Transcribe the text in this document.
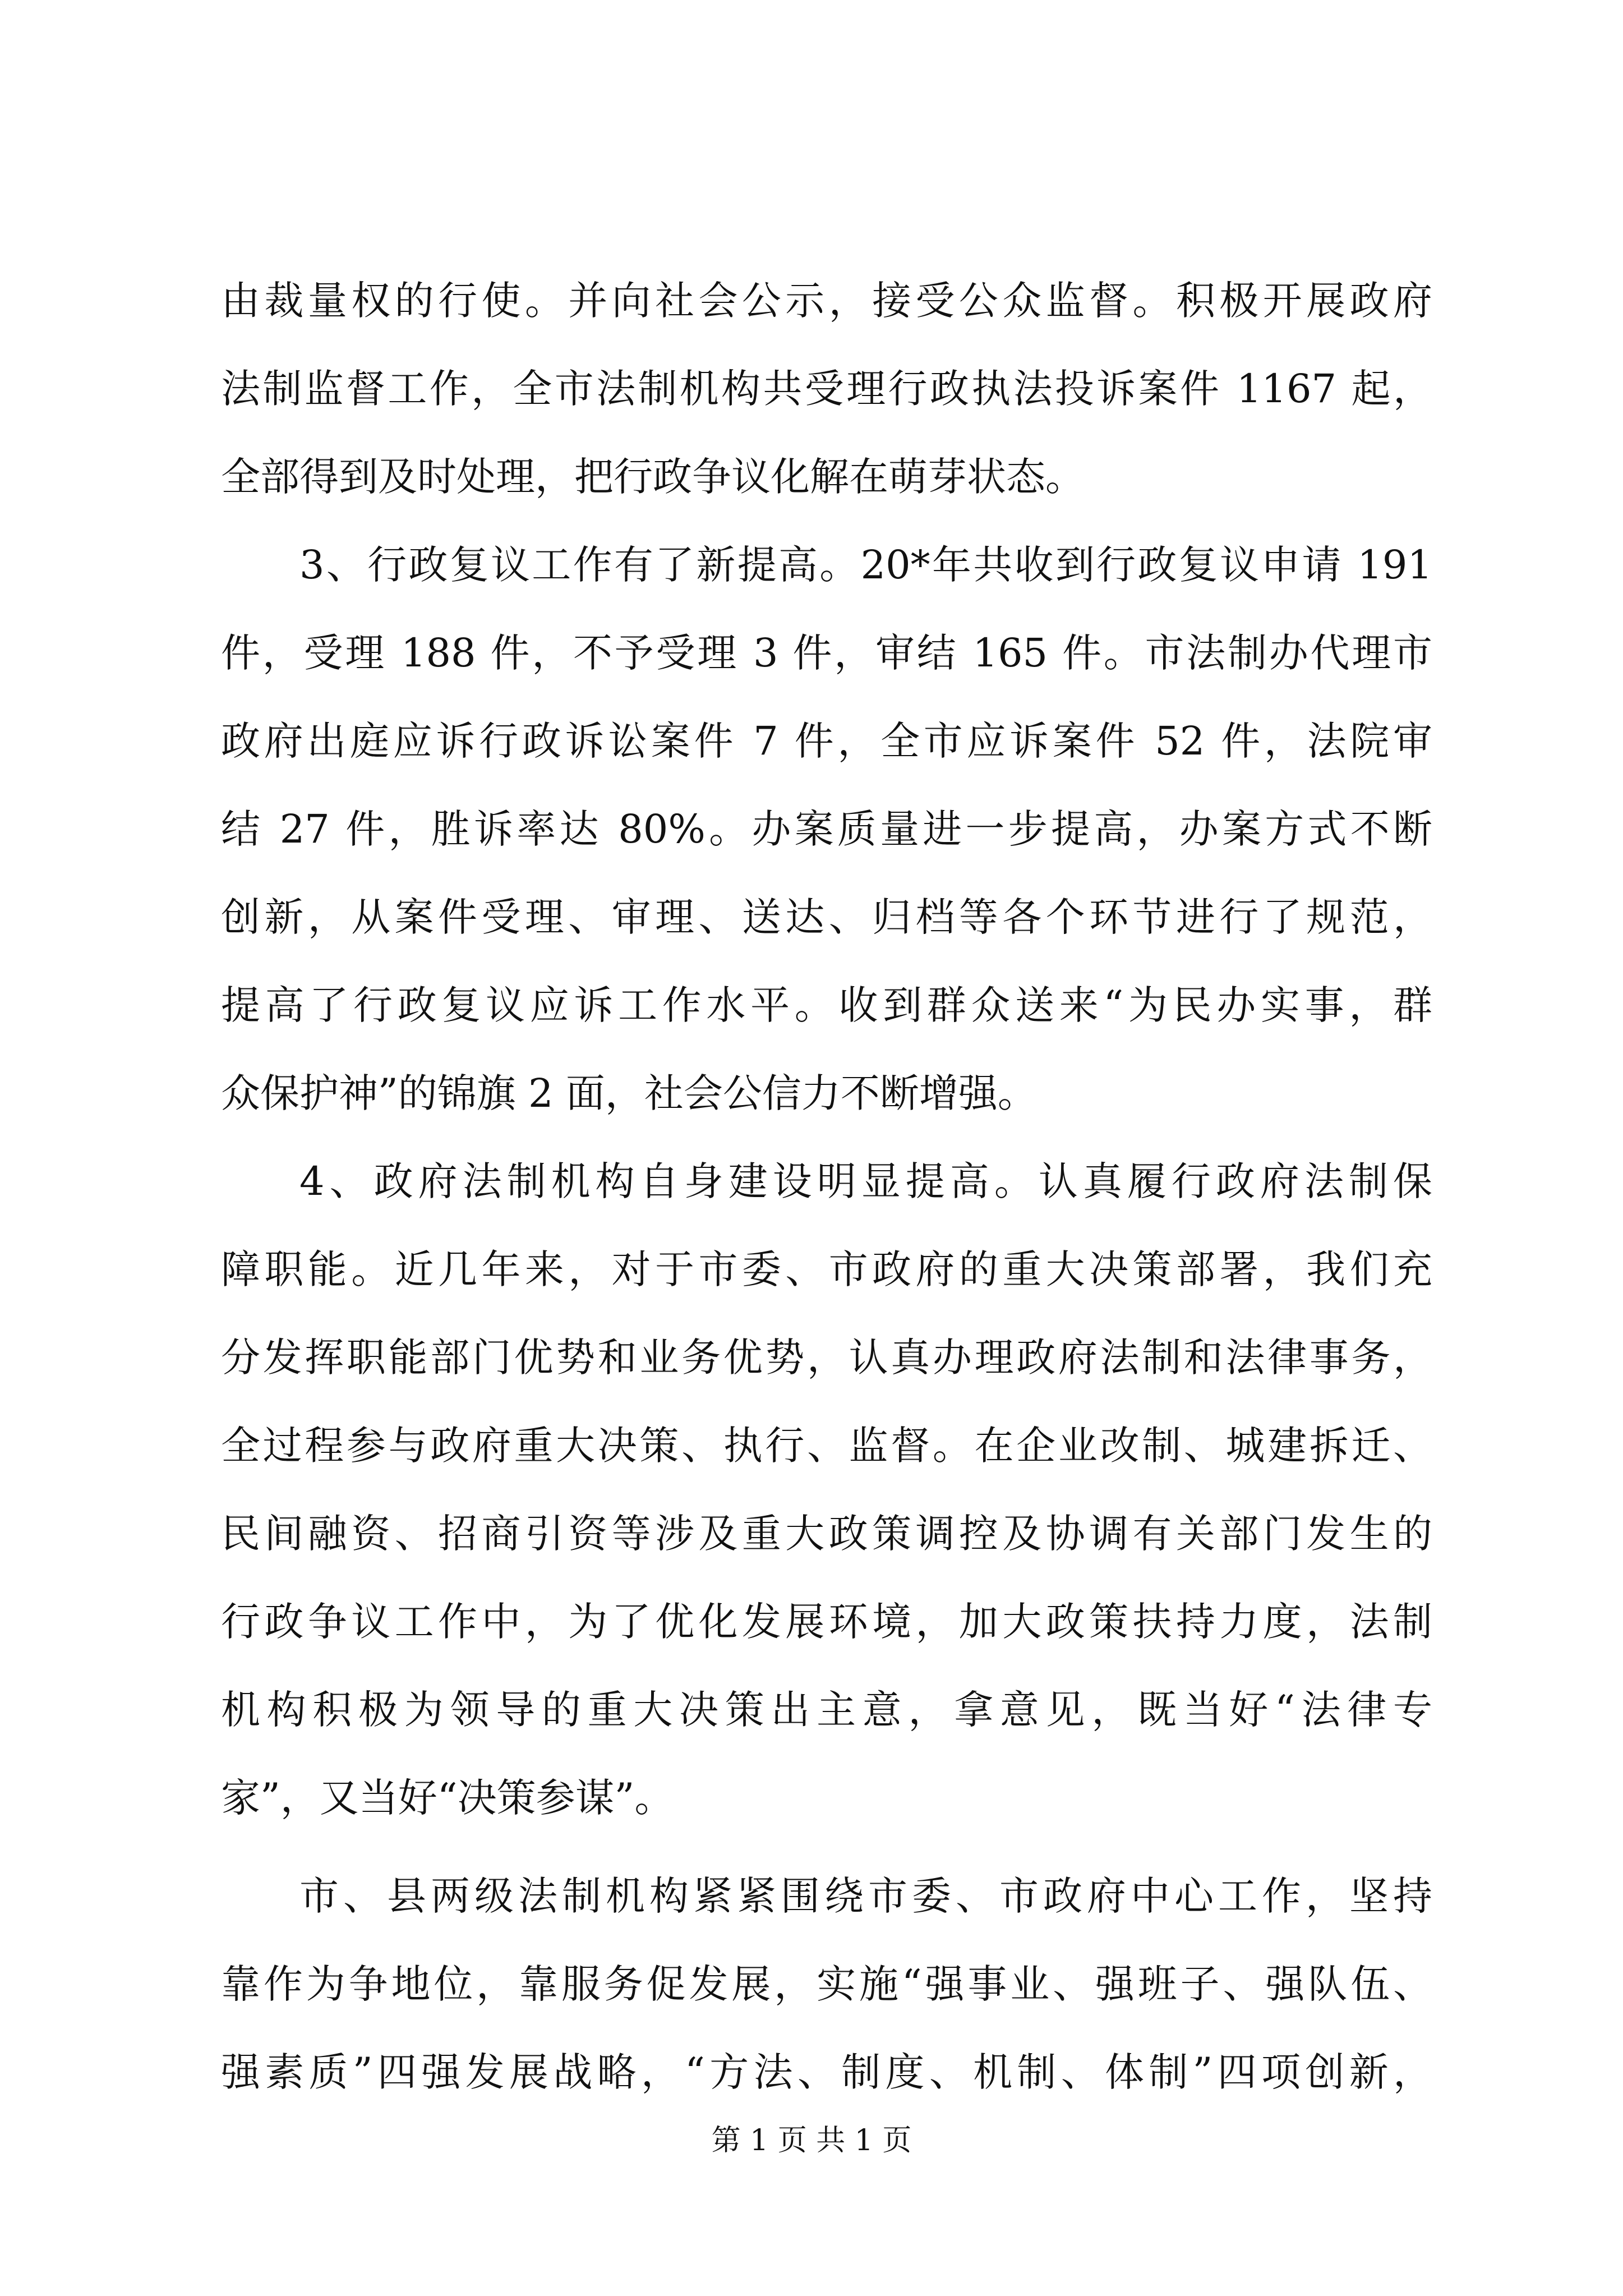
由裁量权的行使。并向社会公示，接受公众监督。积极开展政府
法制监督工作，全市法制机构共受理行政执法投诉案件 1167 起，
全部得到及时处理，把行政争议化解在萌芽状态。
3、行政复议工作有了新提高。20*年共收到行政复议申请 191
件，受理 188 件，不予受理 3 件，审结 165 件。市法制办代理市
政府出庭应诉行政诉讼案件 7 件，全市应诉案件 52 件，法院审
结 27 件，胜诉率达 80%。办案质量进一步提高，办案方式不断
创新，从案件受理、审理、送达、归档等各个环节进行了规范，
提高了行政复议应诉工作水平。收到群众送来“为民办实事，群
众保护神”的锦旗 2 面，社会公信力不断增强。
4、政府法制机构自身建设明显提高。认真履行政府法制保
障职能。近几年来，对于市委、市政府的重大决策部署，我们充
分发挥职能部门优势和业务优势，认真办理政府法制和法律事务，
全过程参与政府重大决策、执行、监督。在企业改制、城建拆迁、
民间融资、招商引资等涉及重大政策调控及协调有关部门发生的
行政争议工作中，为了优化发展环境，加大政策扶持力度，法制
机构积极为领导的重大决策出主意，拿意见，既当好“法律专
家”，又当好“决策参谋”。
市、县两级法制机构紧紧围绕市委、市政府中心工作，坚持
靠作为争地位，靠服务促发展，实施“强事业、强班子、强队伍、
强素质”四强发展战略，“方法、制度、机制、体制”四项创新，
第 1 页 共 1 页
